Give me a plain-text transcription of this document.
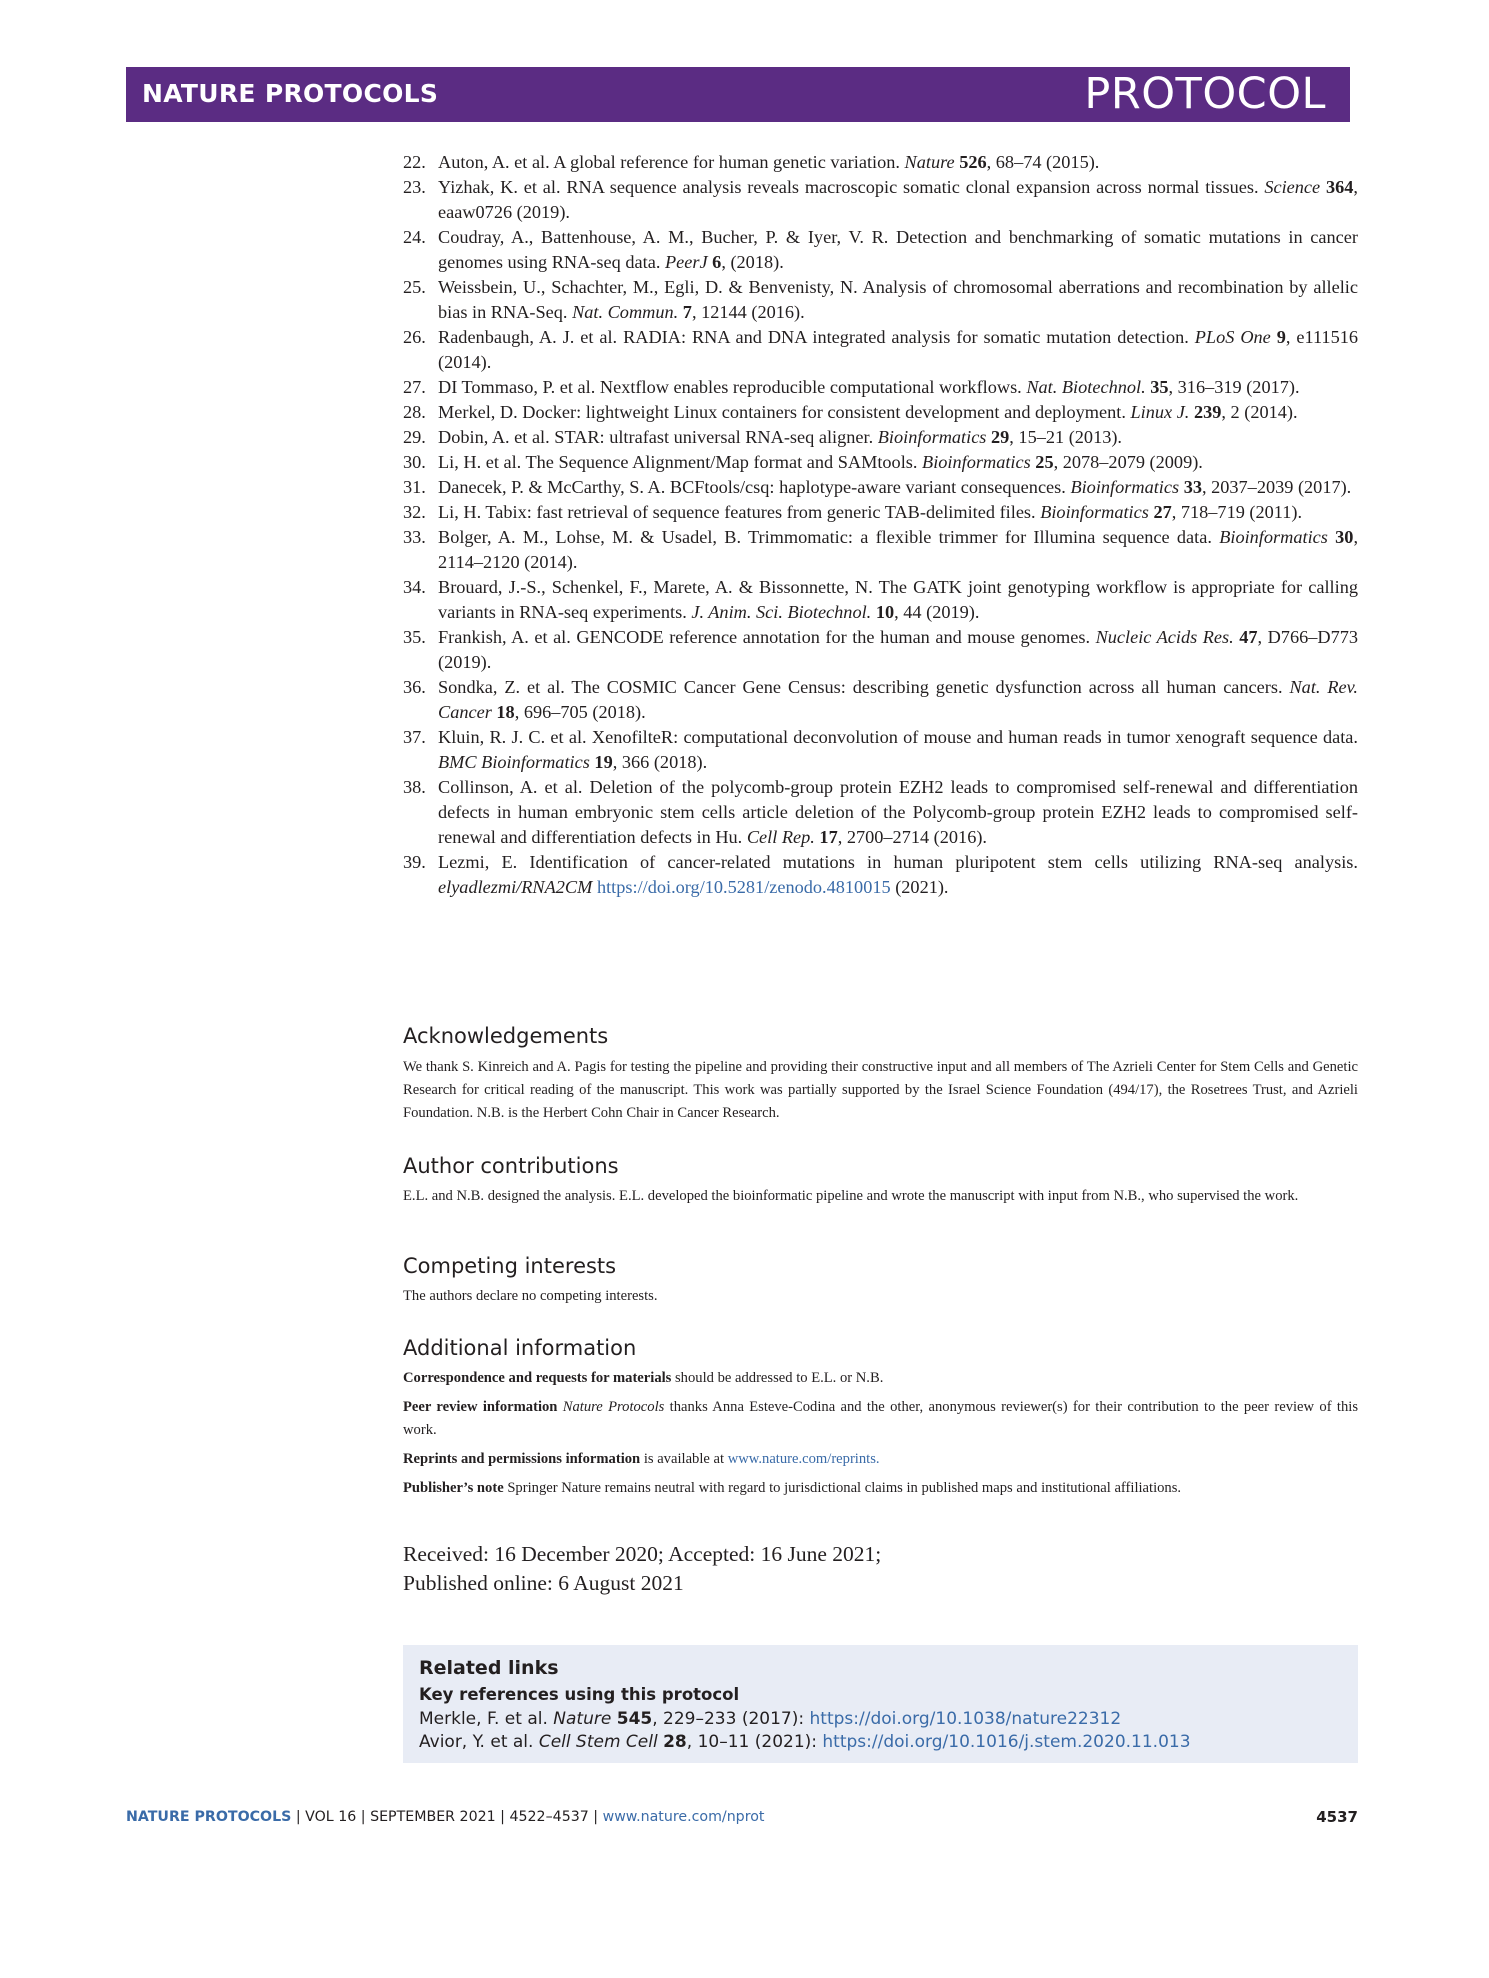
NATURE PROTOCOLS	PROTOCOL
22. Auton, A. et al. A global reference for human genetic variation. Nature 526, 68–74 (2015).
23. Yizhak, K. et al. RNA sequence analysis reveals macroscopic somatic clonal expansion across normal tissues. Science 364, eaaw0726 (2019).
24. Coudray, A., Battenhouse, A. M., Bucher, P. & Iyer, V. R. Detection and benchmarking of somatic mutations in cancer genomes using RNA-seq data. PeerJ 6, (2018).
25. Weissbein, U., Schachter, M., Egli, D. & Benvenisty, N. Analysis of chromosomal aberrations and recombination by allelic bias in RNA-Seq. Nat. Commun. 7, 12144 (2016).
26. Radenbaugh, A. J. et al. RADIA: RNA and DNA integrated analysis for somatic mutation detection. PLoS One 9, e111516 (2014).
27. DI Tommaso, P. et al. Nextflow enables reproducible computational workflows. Nat. Biotechnol. 35, 316–319 (2017).
28. Merkel, D. Docker: lightweight Linux containers for consistent development and deployment. Linux J. 239, 2 (2014).
29. Dobin, A. et al. STAR: ultrafast universal RNA-seq aligner. Bioinformatics 29, 15–21 (2013).
30. Li, H. et al. The Sequence Alignment/Map format and SAMtools. Bioinformatics 25, 2078–2079 (2009).
31. Danecek, P. & McCarthy, S. A. BCFtools/csq: haplotype-aware variant consequences. Bioinformatics 33, 2037–2039 (2017).
32. Li, H. Tabix: fast retrieval of sequence features from generic TAB-delimited files. Bioinformatics 27, 718–719 (2011).
33. Bolger, A. M., Lohse, M. & Usadel, B. Trimmomatic: a flexible trimmer for Illumina sequence data. Bioinformatics 30, 2114–2120 (2014).
34. Brouard, J.-S., Schenkel, F., Marete, A. & Bissonnette, N. The GATK joint genotyping workflow is appropriate for calling variants in RNA-seq experiments. J. Anim. Sci. Biotechnol. 10, 44 (2019).
35. Frankish, A. et al. GENCODE reference annotation for the human and mouse genomes. Nucleic Acids Res. 47, D766–D773 (2019).
36. Sondka, Z. et al. The COSMIC Cancer Gene Census: describing genetic dysfunction across all human cancers. Nat. Rev. Cancer 18, 696–705 (2018).
37. Kluin, R. J. C. et al. XenofilteR: computational deconvolution of mouse and human reads in tumor xenograft sequence data. BMC Bioinformatics 19, 366 (2018).
38. Collinson, A. et al. Deletion of the polycomb-group protein EZH2 leads to compromised self-renewal and differentiation defects in human embryonic stem cells article deletion of the Polycomb-group protein EZH2 leads to compromised self-renewal and differentiation defects in Hu. Cell Rep. 17, 2700–2714 (2016).
39. Lezmi, E. Identification of cancer-related mutations in human pluripotent stem cells utilizing RNA-seq analysis. elyadlezmi/RNA2CM https://doi.org/10.5281/zenodo.4810015 (2021).
Acknowledgements
We thank S. Kinreich and A. Pagis for testing the pipeline and providing their constructive input and all members of The Azrieli Center for Stem Cells and Genetic Research for critical reading of the manuscript. This work was partially supported by the Israel Science Foundation (494/17), the Rosetrees Trust, and Azrieli Foundation. N.B. is the Herbert Cohn Chair in Cancer Research.
Author contributions
E.L. and N.B. designed the analysis. E.L. developed the bioinformatic pipeline and wrote the manuscript with input from N.B., who supervised the work.
Competing interests
The authors declare no competing interests.
Additional information

Correspondence and requests for materials should be addressed to E.L. or N.B.

Peer review information Nature Protocols thanks Anna Esteve-Codina and the other, anonymous reviewer(s) for their contribution to the peer review of this work.

Reprints and permissions information is available at www.nature.com/reprints.

Publisher’s note Springer Nature remains neutral with regard to jurisdictional claims in published maps and institutional affiliations.

Received: 16 December 2020; Accepted: 16 June 2021;
Published online: 6 August 2021
Related links
Key references using this protocol
Merkle, F. et al. Nature 545, 229–233 (2017): https://doi.org/10.1038/nature22312
Avior, Y. et al. Cell Stem Cell 28, 10–11 (2021): https://doi.org/10.1016/j.stem.2020.11.013
NATURE PROTOCOLS | VOL 16 | SEPTEMBER 2021 | 4522–4537 | www.nature.com/nprot	4537
